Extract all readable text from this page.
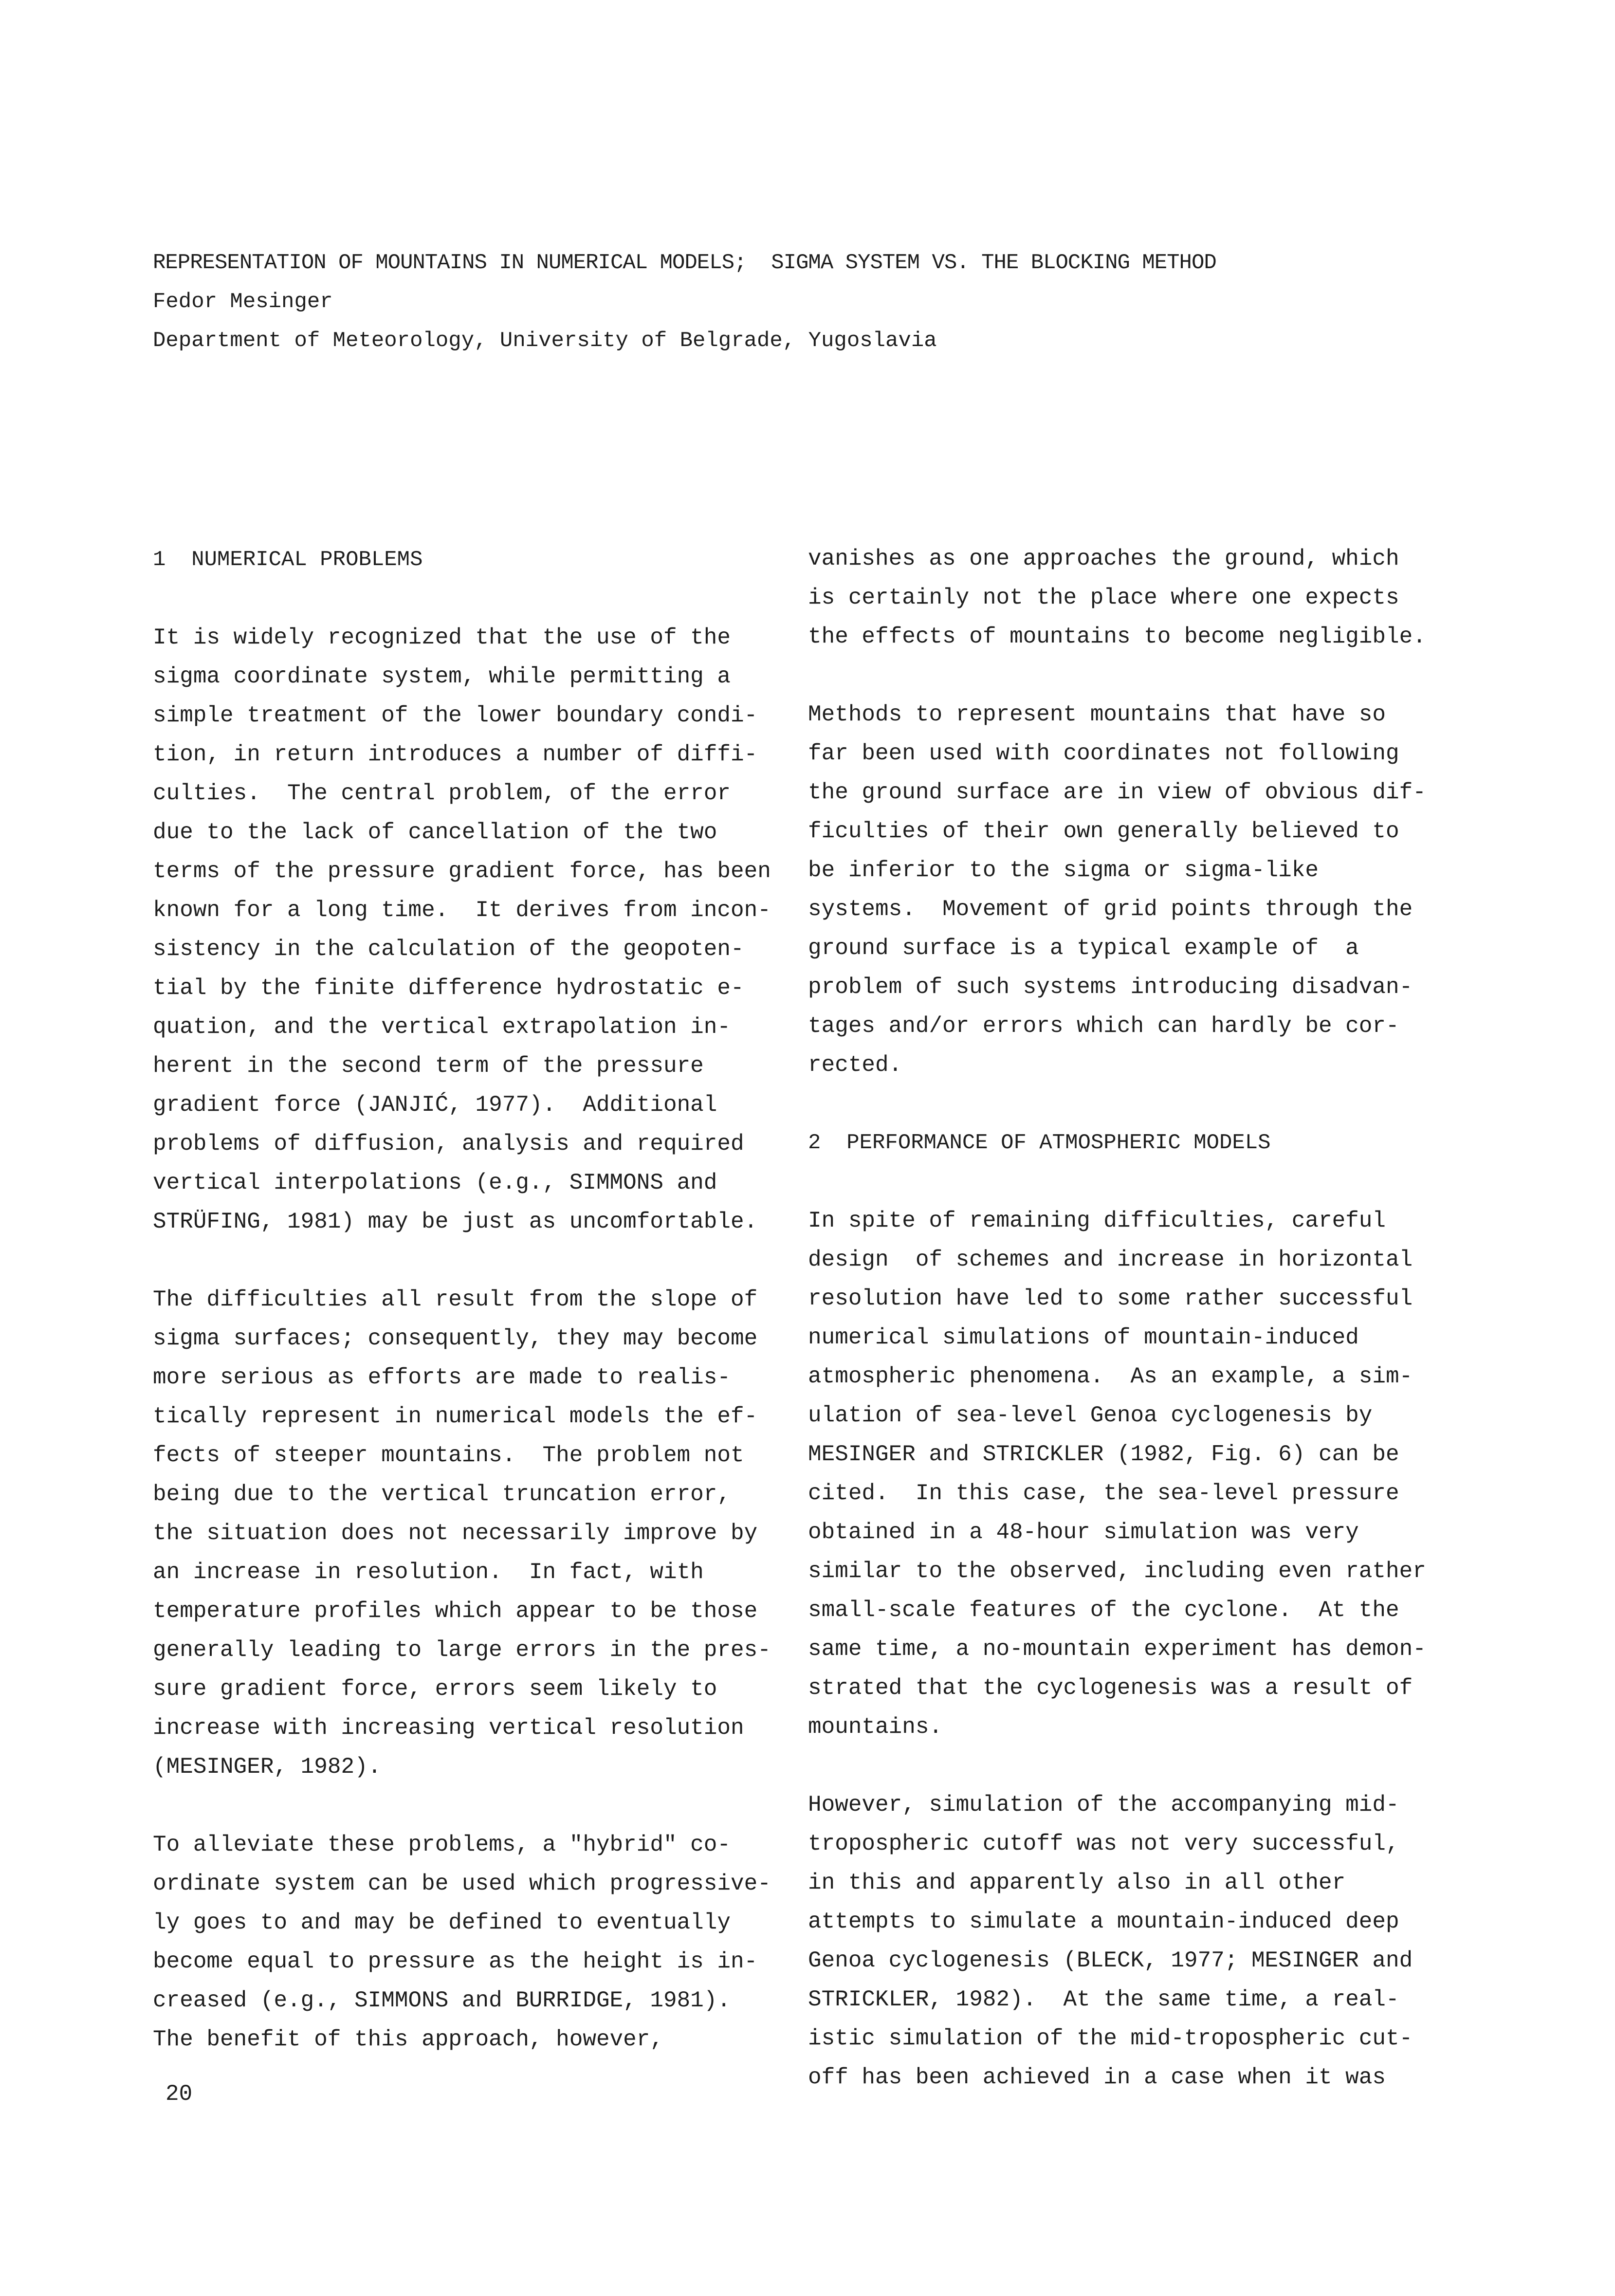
REPRESENTATION OF MOUNTAINS IN NUMERICAL MODELS;  SIGMA SYSTEM VS. THE BLOCKING METHOD
Fedor Mesinger
Department of Meteorology, University of Belgrade, Yugoslavia
1  NUMERICAL PROBLEMS
It is widely recognized that the use of the
sigma coordinate system, while permitting a
simple treatment of the lower boundary condi-
tion, in return introduces a number of diffi-
culties.  The central problem, of the error
due to the lack of cancellation of the two
terms of the pressure gradient force, has been
known for a long time.  It derives from incon-
sistency in the calculation of the geopoten-
tial by the finite difference hydrostatic e-
quation, and the vertical extrapolation in-
herent in the second term of the pressure
gradient force (JANJIĆ, 1977).  Additional
problems of diffusion, analysis and required
vertical interpolations (e.g., SIMMONS and
STRÜFING, 1981) may be just as uncomfortable.
The difficulties all result from the slope of
sigma surfaces; consequently, they may become
more serious as efforts are made to realis-
tically represent in numerical models the ef-
fects of steeper mountains.  The problem not
being due to the vertical truncation error,
the situation does not necessarily improve by
an increase in resolution.  In fact, with
temperature profiles which appear to be those
generally leading to large errors in the pres-
sure gradient force, errors seem likely to
increase with increasing vertical resolution
(MESINGER, 1982).
To alleviate these problems, a "hybrid" co-
ordinate system can be used which progressive-
ly goes to and may be defined to eventually
become equal to pressure as the height is in-
creased (e.g., SIMMONS and BURRIDGE, 1981).
The benefit of this approach, however,
vanishes as one approaches the ground, which
is certainly not the place where one expects
the effects of mountains to become negligible.
Methods to represent mountains that have so
far been used with coordinates not following
the ground surface are in view of obvious dif-
ficulties of their own generally believed to
be inferior to the sigma or sigma-like
systems.  Movement of grid points through the
ground surface is a typical example of  a
problem of such systems introducing disadvan-
tages and/or errors which can hardly be cor-
rected.
2  PERFORMANCE OF ATMOSPHERIC MODELS
In spite of remaining difficulties, careful
design  of schemes and increase in horizontal
resolution have led to some rather successful
numerical simulations of mountain-induced
atmospheric phenomena.  As an example, a sim-
ulation of sea-level Genoa cyclogenesis by
MESINGER and STRICKLER (1982, Fig. 6) can be
cited.  In this case, the sea-level pressure
obtained in a 48-hour simulation was very
similar to the observed, including even rather
small-scale features of the cyclone.  At the
same time, a no-mountain experiment has demon-
strated that the cyclogenesis was a result of
mountains.
However, simulation of the accompanying mid-
tropospheric cutoff was not very successful,
in this and apparently also in all other
attempts to simulate a mountain-induced deep
Genoa cyclogenesis (BLECK, 1977; MESINGER and
STRICKLER, 1982).  At the same time, a real-
istic simulation of the mid-tropospheric cut-
off has been achieved in a case when it was
20
